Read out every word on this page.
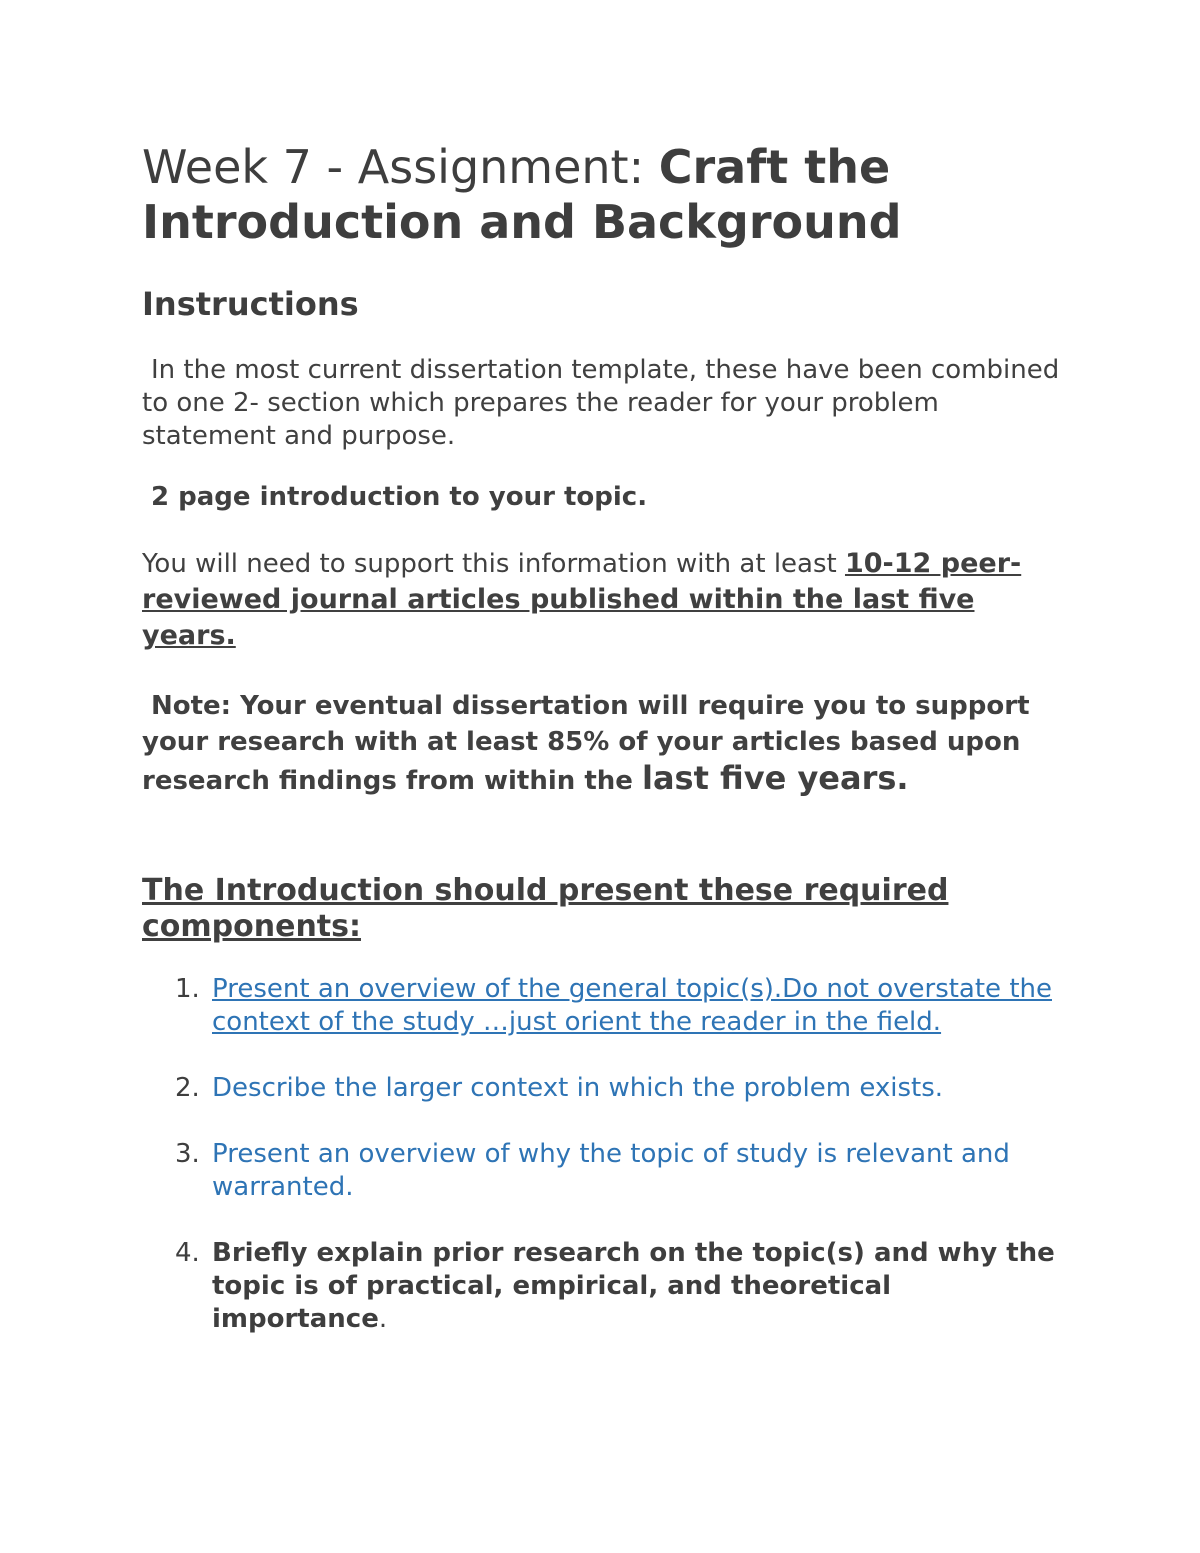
Week 7 - Assignment: Craft the Introduction and Background
Instructions

In the most current dissertation template, these have been combined to one 2- section which prepares the reader for your problem statement and purpose.

2 page introduction to your topic.

You will need to support this information with at least 10-12 peer-reviewed journal articles published within the last five years.

Note: Your eventual dissertation will require you to support your research with at least 85% of your articles based upon research findings from within the last five years.

The Introduction should present these required components:
1. Present an overview of the general topic(s).Do not overstate the context of the study …just orient the reader in the field.
2. Describe the larger context in which the problem exists.
3. Present an overview of why the topic of study is relevant and warranted.
4. Briefly explain prior research on the topic(s) and why the topic is of practical, empirical, and theoretical importance.
